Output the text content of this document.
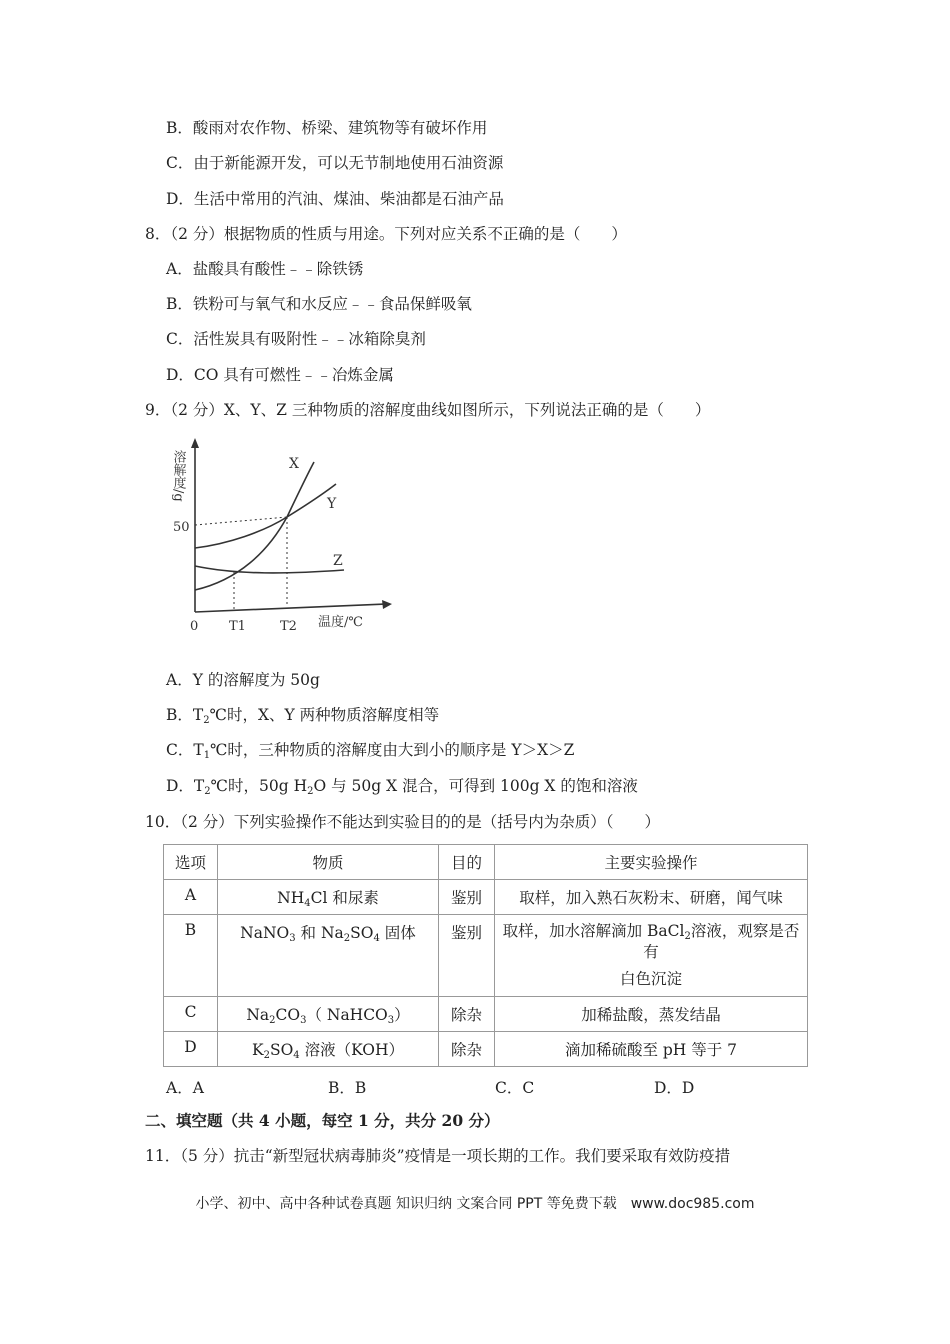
B．酸雨对农作物、桥梁、建筑物等有破坏作用
C．由于新能源开发，可以无节制地使用石油资源
D．生活中常用的汽油、煤油、柴油都是石油产品
8．（2 分）根据物质的性质与用途。下列对应关系不正确的是（　　）
A．盐酸具有酸性﹣﹣除铁锈
B．铁粉可与氧气和水反应﹣﹣食品保鲜吸氧
C．活性炭具有吸附性﹣﹣冰箱除臭剂
D．CO 具有可燃性﹣﹣冶炼金属
9．（2 分）X、Y、Z 三种物质的溶解度曲线如图所示，下列说法正确的是（　　）
溶解度/g	X
Y
Z
50
0 T1	T2 温度/℃
A．Y 的溶解度为 50g
B．$T_2℃$时，X、Y 两种物质溶解度相等
C．$T_1℃$时，三种物质的溶解度由大到小的顺序是 Y＞X＞Z
D．$T_2℃$时，50g $H_2O$ 与 50g X 混合，可得到 100g X 的饱和溶液
10．（2 分）下列实验操作不能达到实验目的的是（括号内为杂质）（　　）
选项	物质	目的	主要实验操作
A	$NH_4Cl$ 和尿素	鉴别	取样，加入熟石灰粉末、研磨，闻气味
B	NaNO$_3$ 和 $Na_2SO_4$ 固体	鉴别	取样，加水溶解滴加 BaCl$_2$溶液，观察是否有
白色沉淀
C	$Na_2CO_3$（ NaHCO$_3$）	除杂	加稀盐酸，蒸发结晶
D	$K_2SO_4$ 溶液（KOH）	除杂	滴加稀硫酸至 pH 等于 7
A．A	B．B	C．C	D．D
二、填空题（共 4 小题，每空 1 分，共分 20 分）
11．（5 分）抗击“新型冠状病毒肺炎”疫情是一项长期的工作。我们要采取有效防疫措
小学、初中、高中各种试卷真题 知识归纳 文案合同 PPT 等免费下载　www.doc985.com
